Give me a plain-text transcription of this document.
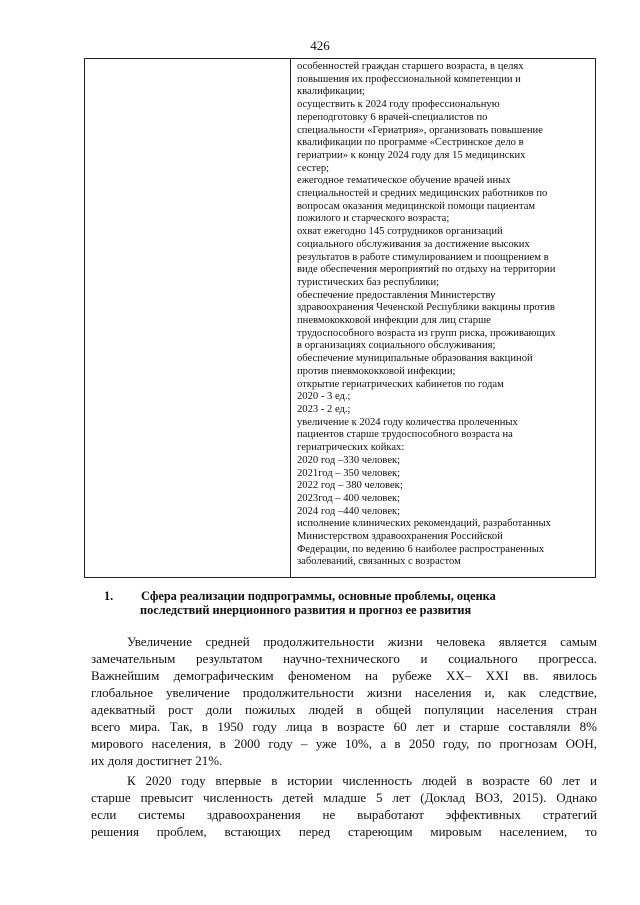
426
особенностей граждан старшего возраста, в целях
повышения их профессиональной компетенции и
квалификации;
осуществить к 2024 году профессиональную
переподготовку 6 врачей-специалистов по
специальности «Гериатрия», организовать повышение
квалификации по программе «Сестринское дело в
гериатрии» к концу 2024 году для 15 медицинских
сестер;
ежегодное тематическое обучение врачей иных
специальностей и средних медицинских работников по
вопросам оказания медицинской помощи пациентам
пожилого и старческого возраста;
охват ежегодно 145 сотрудников организаций
социального обслуживания за достижение высоких
результатов в работе стимулированием и поощрением в
виде обеспечения мероприятий по отдыху на территории
туристических баз республики;
обеспечение предоставления Министерству
здравоохранения Чеченской Республики вакцины против
пневмококковой инфекции для лиц старше
трудоспособного возраста из групп риска, проживающих
в организациях социального обслуживания;
обеспечение муниципальные образования вакциной
против пневмококковой инфекции;
открытие гериатрических кабинетов по годам
2020 - 3 ед.;
2023 - 2 ед.;
увеличение к 2024 году количества пролеченных
пациентов старше трудоспособного возраста на
гериатрических койках:
2020 год –330 человек;
2021год – 350 человек;
2022 год – 380 человек;
2023год – 400 человек;
2024 год –440 человек;
исполнение клинических рекомендаций, разработанных
Министерством здравоохранения Российской
Федерации, по ведению 6 наиболее распространенных
заболеваний, связанных с возрастом
1. Сфера реализации подпрограммы, основные проблемы, оценка
последствий инерционного развития и прогноз ее развития
Увеличение средней продолжительности жизни человека является самым
замечательным результатом научно-технического и социального прогресса.
Важнейшим демографическим феноменом на рубеже XX– XXI вв. явилось
глобальное увеличение продолжительности жизни населения и, как следствие,
адекватный рост доли пожилых людей в общей популяции населения стран
всего мира. Так, в 1950 году лица в возрасте 60 лет и старше составляли 8%
мирового населения, в 2000 году – уже 10%, а в 2050 году, по прогнозам ООН,
их доля достигнет 21%.
К 2020 году впервые в истории численность людей в возрасте 60 лет и
старше превысит численность детей младше 5 лет (Доклад ВОЗ, 2015). Однако
если системы здравоохранения не выработают эффективных стратегий
решения проблем, встающих перед стареющим мировым населением, то
